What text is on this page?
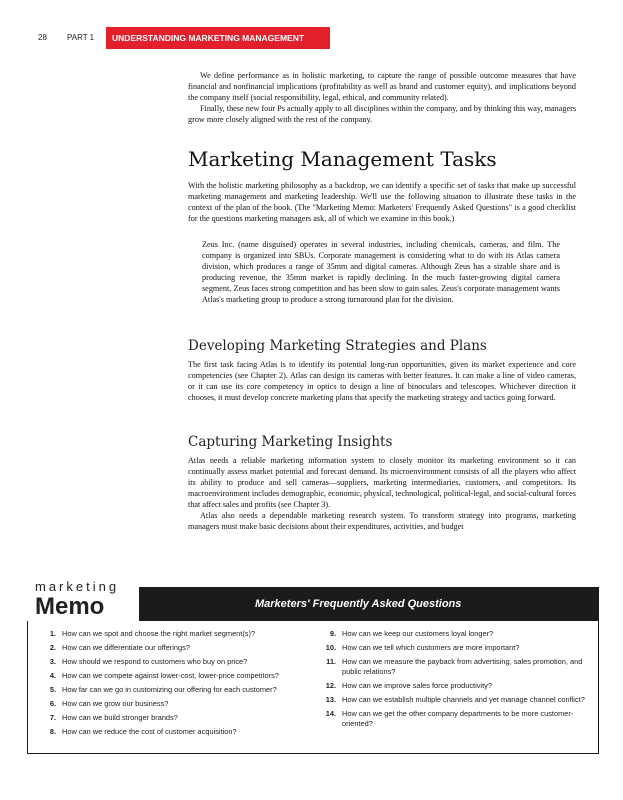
28	PART 1 UNDERSTANDING MARKETING MANAGEMENT

We define performance as in holistic marketing, to capture the range of possible outcome measures that have financial and nonfinancial implications (profitability as well as brand and customer equity), and implications beyond the company itself (social responsibility, legal, ethical, and community related).

Finally, these new four Ps actually apply to all disciplines within the company, and by thinking this way, managers grow more closely aligned with the rest of the company.

Marketing Management Tasks

With the holistic marketing philosophy as a backdrop, we can identify a specific set of tasks that make up successful marketing management and marketing leadership. We'll use the following situation to illustrate these tasks in the context of the plan of the book. (The "Marketing Memo: Marketers' Frequently Asked Questions" is a good checklist for the questions marketing managers ask, all of which we examine in this book.)

Zeus Inc. (name disguised) operates in several industries, including chemicals, cameras, and film. The company is organized into SBUs. Corporate management is considering what to do with its Atlas camera division, which produces a range of 35mm and digital cameras. Although Zeus has a sizable share and is producing revenue, the 35mm market is rapidly declining. In the much faster-growing digital camera segment, Zeus faces strong competition and has been slow to gain sales. Zeus's corporate management wants Atlas's marketing group to produce a strong turnaround plan for the division.

Developing Marketing Strategies and Plans

The first task facing Atlas is to identify its potential long-run opportunities, given its market experience and core competencies (see Chapter 2). Atlas can design its cameras with better features. It can make a line of video cameras, or it can use its core competency in optics to design a line of binoculars and telescopes. Whichever direction it chooses, it must develop concrete marketing plans that specify the marketing strategy and tactics going forward.

Capturing Marketing Insights

Atlas needs a reliable marketing information system to closely monitor its marketing environment so it can continually assess market potential and forecast demand. Its microenvironment consists of all the players who affect its ability to produce and sell cameras—suppliers, marketing intermediaries, customers, and competitors. Its macroenvironment includes demographic, economic, physical, technological, political-legal, and social-cultural forces that affect sales and profits (see Chapter 3).

Atlas also needs a dependable marketing research system. To transform strategy into programs, marketing managers must make basic decisions about their expenditures, activities, and budget

Marketers' Frequently Asked Questions
marketing
Memo
1. How can we spot and choose the right market segment(s)?
2. How can we differentiate our offerings?
3. How should we respond to customers who buy on price?
4. How can we compete against lower-cost, lower-price competitors?
5. How far can we go in customizing our offering for each customer?
6. How can we grow our business?
7. How can we build stronger brands?
8. How can we reduce the cost of customer acquisition?
9. How can we keep our customers loyal longer?
10. How can we tell which customers are more important?
11. How can we measure the payback from advertising, sales promotion, and public relations?
12. How can we improve sales force productivity?
13. How can we establish multiple channels and yet manage channel conflict?
14. How can we get the other company departments to be more customer-oriented?
